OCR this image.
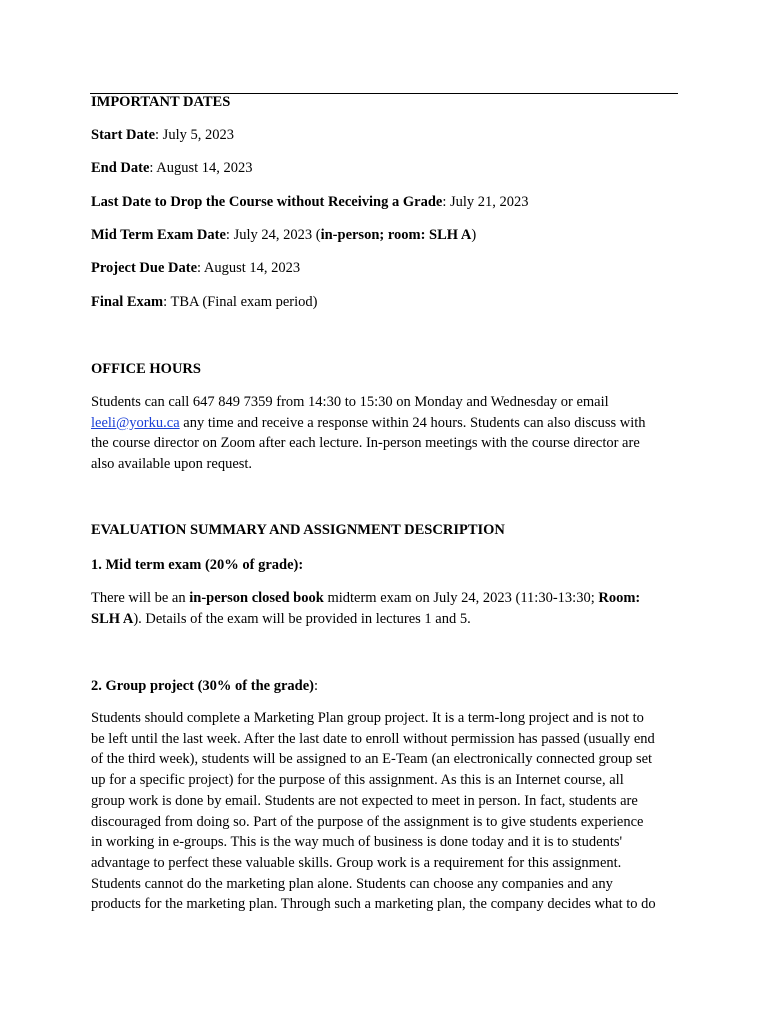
IMPORTANT DATES
Start Date: July 5, 2023
End Date: August 14, 2023
Last Date to Drop the Course without Receiving a Grade: July 21, 2023
Mid Term Exam Date: July 24, 2023 (in-person; room: SLH A)
Project Due Date: August 14, 2023
Final Exam: TBA (Final exam period)
OFFICE HOURS
Students can call 647 849 7359 from 14:30 to 15:30 on Monday and Wednesday or email
leeli@yorku.ca any time and receive a response within 24 hours. Students can also discuss with
the course director on Zoom after each lecture. In-person meetings with the course director are
also available upon request.
EVALUATION SUMMARY AND ASSIGNMENT DESCRIPTION
1. Mid term exam (20% of grade):
There will be an in-person closed book midterm exam on July 24, 2023 (11:30-13:30; Room:
SLH A). Details of the exam will be provided in lectures 1 and 5.
2. Group project (30% of the grade):
Students should complete a Marketing Plan group project. It is a term-long project and is not to
be left until the last week. After the last date to enroll without permission has passed (usually end
of the third week), students will be assigned to an E-Team (an electronically connected group set
up for a specific project) for the purpose of this assignment. As this is an Internet course, all
group work is done by email. Students are not expected to meet in person. In fact, students are
discouraged from doing so. Part of the purpose of the assignment is to give students experience
in working in e-groups. This is the way much of business is done today and it is to students'
advantage to perfect these valuable skills. Group work is a requirement for this assignment.
Students cannot do the marketing plan alone. Students can choose any companies and any
products for the marketing plan. Through such a marketing plan, the company decides what to do
